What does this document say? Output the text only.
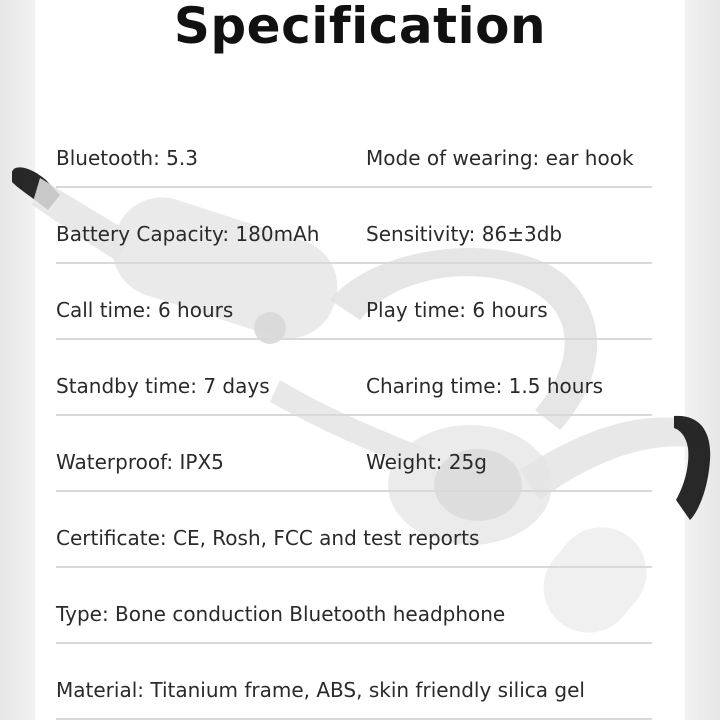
Specification
Bluetooth: 5.3	Mode of wearing: ear hook
Battery Capacity: 180mAh Sensitivity: 86±3db
Call time: 6 hours	Play time: 6 hours
Standby time: 7 days	Charing time: 1.5 hours
Waterproof: IPX5	Weight: 25g
Certificate: CE, Rosh, FCC and test reports
Type: Bone conduction Bluetooth headphone
Material: Titanium frame, ABS, skin friendly silica gel
